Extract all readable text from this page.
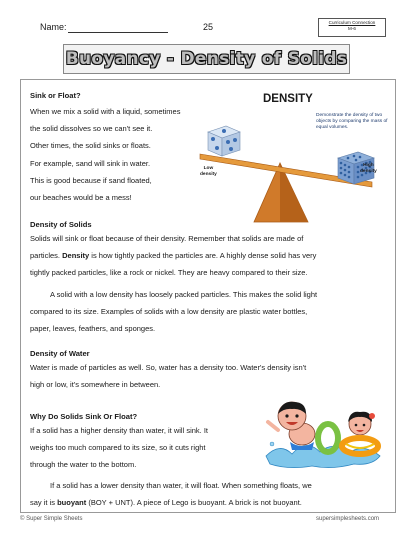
Name:	25	Curriculum Connection
M-6
Buoyancy - Density of Solids
Sink or Float?

When we mix a solid with a liquid, sometimes

the solid dissolves so we can't see it.

Other times, the solid sinks or floats.

For example, sand will sink in water.

This is good because if sand floated,

our beaches would be a mess!

DENSITY
Demonstrate the density of two objects by comparing the mass of equal volumes.
Low
density
High
density
Density of Solids

Solids will sink or float because of their density. Remember that solids are made of

particles. Density is how tightly packed the particles are. A highly dense solid has very

tightly packed particles, like a rock or nickel. They are heavy compared to their size.

A solid with a low density has loosely packed particles. This makes the solid light

compared to its size. Examples of solids with a low density are plastic water bottles,

paper, leaves, feathers, and sponges.

Density of Water

Water is made of particles as well. So, water has a density too. Water's density isn't

high or low, it's somewhere in between.

Why Do Solids Sink Or Float?

If a solid has a higher density than water, it will sink. It

weighs too much compared to its size, so it cuts right

through the water to the bottom.

If a solid has a lower density than water, it will float. When something floats, we

say it is buoyant (BOY + UNT). A piece of Lego is buoyant. A brick is not buoyant.

© Super Simple Sheets	supersimplesheets.com
